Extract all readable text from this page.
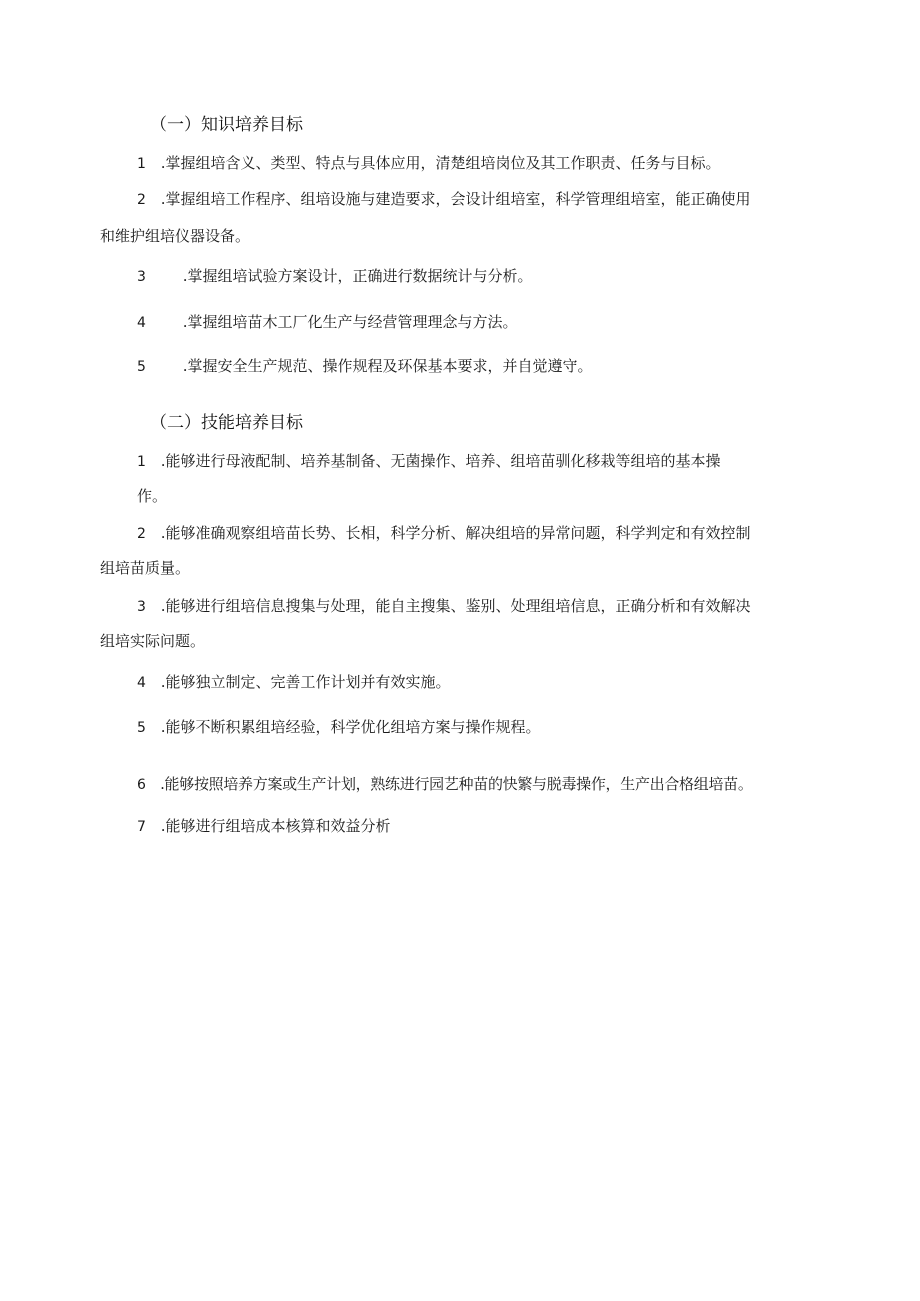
（一）知识培养目标
1 .掌握组培含义、类型、特点与具体应用，清楚组培岗位及其工作职责、任务与目标。
2 .掌握组培工作程序、组培设施与建造要求，会设计组培室，科学管理组培室，能正确使用
和维护组培仪器设备。
3 .掌握组培试验方案设计，正确进行数据统计与分析。
4 .掌握组培苗木工厂化生产与经营管理理念与方法。
5 .掌握安全生产规范、操作规程及环保基本要求，并自觉遵守。
（二）技能培养目标
1 .能够进行母液配制、培养基制备、无菌操作、培养、组培苗驯化移栽等组培的基本操
作。
2 .能够准确观察组培苗长势、长相，科学分析、解决组培的异常问题，科学判定和有效控制
组培苗质量。
3 .能够进行组培信息搜集与处理，能自主搜集、鉴别、处理组培信息，正确分析和有效解决
组培实际问题。
4 .能够独立制定、完善工作计划并有效实施。
5 .能够不断积累组培经验，科学优化组培方案与操作规程。
6 .能够按照培养方案或生产计划，熟练进行园艺种苗的快繁与脱毒操作，生产出合格组培苗。
7 .能够进行组培成本核算和效益分析
